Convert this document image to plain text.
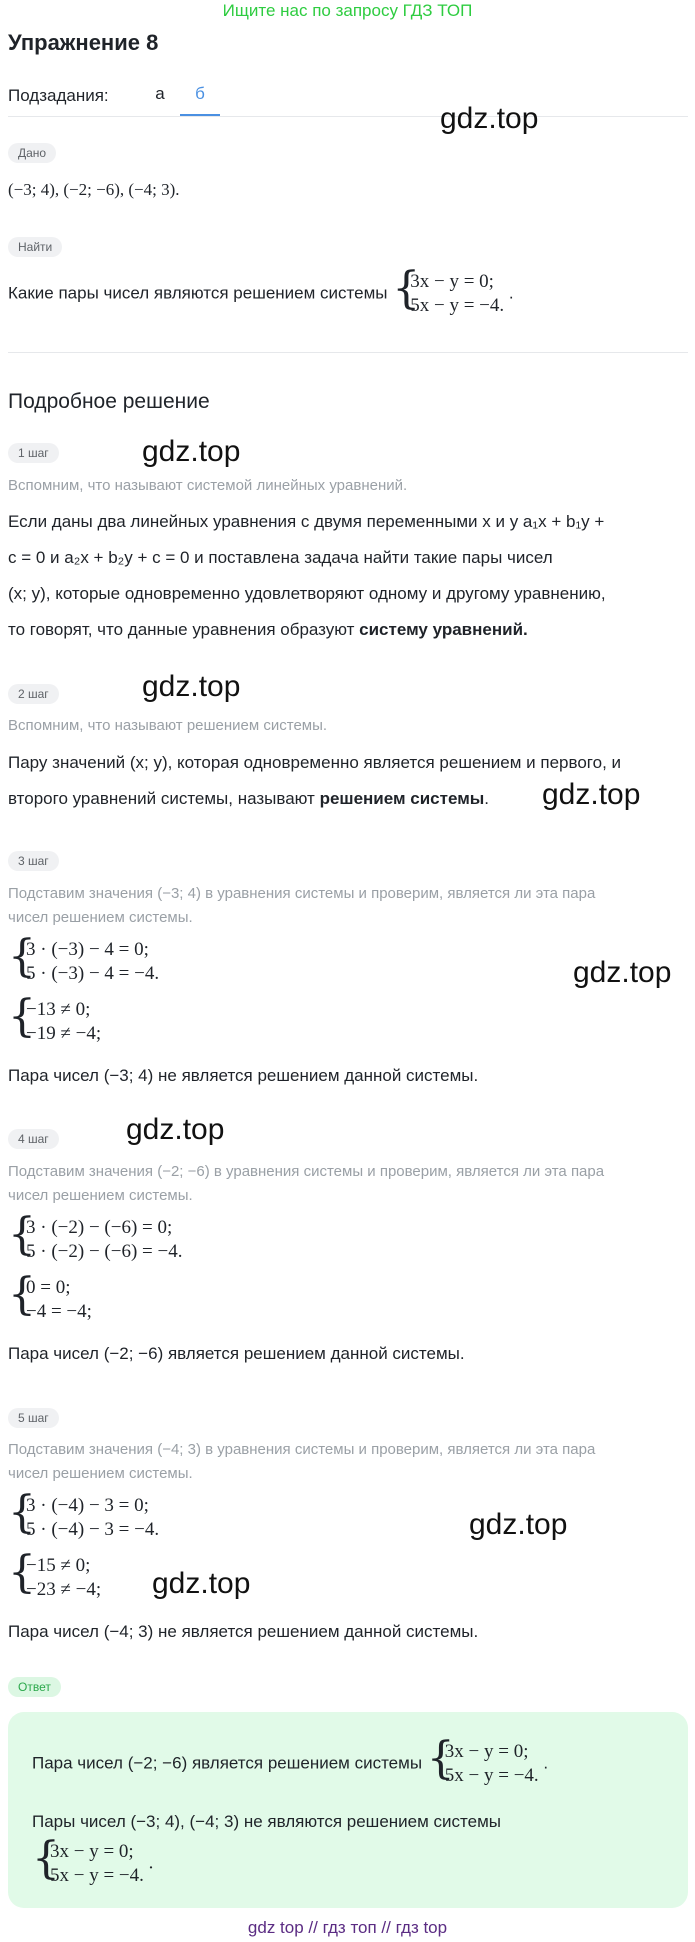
Ищите нас по запросу ГДЗ ТОП
Упражнение 8
Подзадания:	а	б
gdz.top
Дано
(−3; 4), (−2; −6), (−4; 3).
Найти
Какие пары чисел являются решением системы {
3x − y = 0;
5x − y = −4.
.
Подробное решение
1 шаг	gdz.top
Вспомним, что называют системой линейных уравнений.
Если даны два линейных уравнения с двумя переменными x и y a₁x + b₁y +
c = 0 и a₂x + b₂y + c = 0 и поставлена задача найти такие пары чисел
(x; y), которые одновременно удовлетворяют одному и другому уравнению,
то говорят, что данные уравнения образуют систему уравнений.
2 шаг	gdz.top
Вспомним, что называют решением системы.
Пару значений (x; y), которая одновременно является решением и первого, и
второго уравнений системы, называют решением системы.	gdz.top
3 шаг
Подставим значения (−3; 4) в уравнения системы и проверим, является ли эта пара
чисел решением системы.
{
3 · (−3) − 4 = 0;
5 · (−3) − 4 = −4.	gdz.top
{
−13 ≠ 0;
−19 ≠ −4;
Пара чисел (−3; 4) не является решением данной системы.
4 шаг	gdz.top
Подставим значения (−2; −6) в уравнения системы и проверим, является ли эта пара
чисел решением системы.
{
3 · (−2) − (−6) = 0;
5 · (−2) − (−6) = −4.
{
0 = 0;
−4 = −4;
Пара чисел (−2; −6) является решением данной системы.
5 шаг
Подставим значения (−4; 3) в уравнения системы и проверим, является ли эта пара
чисел решением системы.
{
3 · (−4) − 3 = 0;
5 · (−4) − 3 = −4.	gdz.top
{
−15 ≠ 0;
−23 ≠ −4; gdz.top
Пара чисел (−4; 3) не является решением данной системы.
Ответ
Пара чисел (−2; −6) является решением системы {
3x − y = 0;
5x − y = −4.
.
Пары чисел (−3; 4), (−4; 3) не являются решением системы
{
3x − y = 0;
5x − y = −4.
.
gdz top // гдз топ // гдз top
